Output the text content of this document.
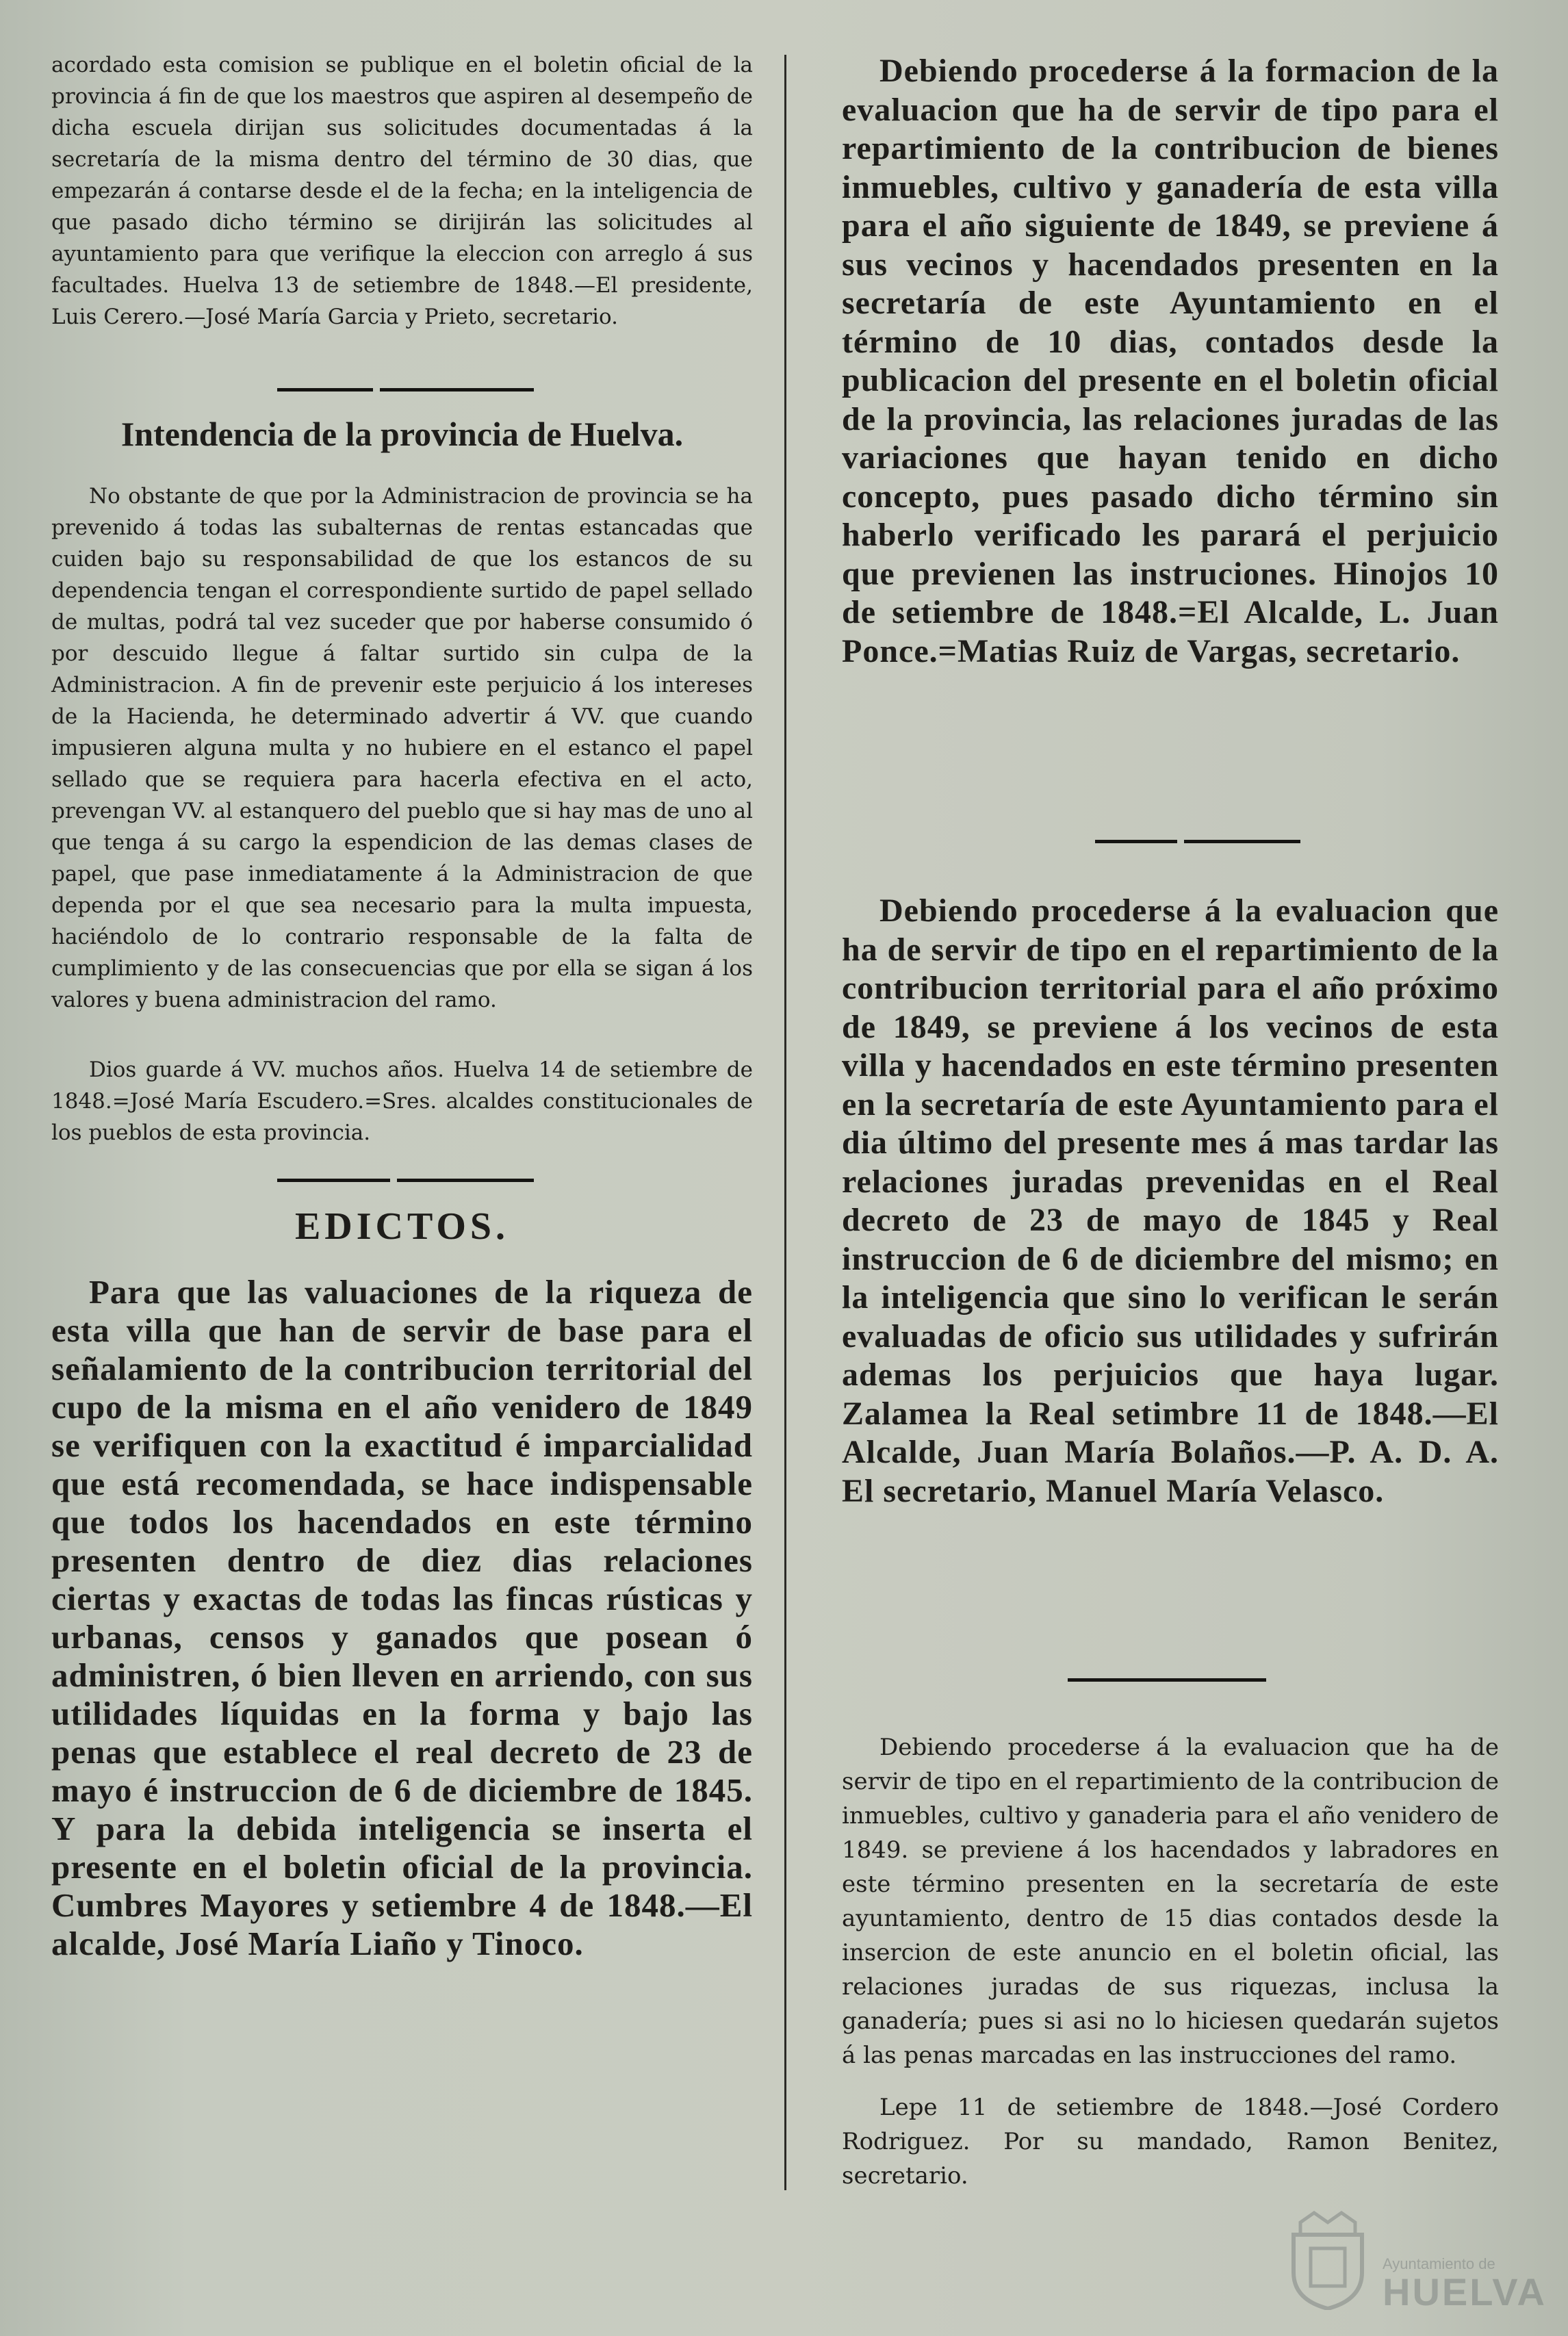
acordado esta comision se publique en el boletin oficial de la provincia á fin de que los maestros que aspiren al desempeño de dicha escuela dirijan sus solicitudes documentadas á la secretaría de la misma dentro del término de 30 dias, que empezarán á contarse desde el de la fecha; en la inteligencia de que pasado dicho término se dirijirán las solicitudes al ayuntamiento para que verifique la eleccion con arreglo á sus facultades. Huelva 13 de setiembre de 1848.—El presidente, Luis Cerero.—José María Garcia y Prieto, secretario.

Intendencia de la provincia de Huelva.

No obstante de que por la Administracion de provincia se ha prevenido á todas las subalternas de rentas estancadas que cuiden bajo su responsabilidad de que los estancos de su dependencia tengan el correspondiente surtido de papel sellado de multas, podrá tal vez suceder que por haberse consumido ó por descuido llegue á faltar surtido sin culpa de la Administracion. A fin de prevenir este perjuicio á los intereses de la Hacienda, he determinado advertir á VV. que cuando impusieren alguna multa y no hubiere en el estanco el papel sellado que se requiera para hacerla efectiva en el acto, prevengan VV. al estanquero del pueblo que si hay mas de uno al que tenga á su cargo la espendicion de las demas clases de papel, que pase inmediatamente á la Administracion de que dependa por el que sea necesario para la multa impuesta, haciéndolo de lo contrario responsable de la falta de cumplimiento y de las consecuencias que por ella se sigan á los valores y buena administracion del ramo.

Dios guarde á VV. muchos años. Huelva 14 de setiembre de 1848.=José María Escudero.=Sres. alcaldes constitucionales de los pueblos de esta provincia.

EDICTOS.

Para que las valuaciones de la riqueza de esta villa que han de servir de base para el señalamiento de la contribucion territorial del cupo de la misma en el año venidero de 1849 se verifiquen con la exactitud é imparcialidad que está recomendada, se hace indispensable que todos los hacendados en este término presenten dentro de diez dias relaciones ciertas y exactas de todas las fincas rústicas y urbanas, censos y ganados que posean ó administren, ó bien lleven en arriendo, con sus utilidades líquidas en la forma y bajo las penas que establece el real decreto de 23 de mayo é instruccion de 6 de diciembre de 1845. Y para la debida inteligencia se inserta el presente en el boletin oficial de la provincia. Cumbres Mayores y setiembre 4 de 1848.—El alcalde, José María Liaño y Tinoco.

Debiendo procederse á la formacion de la evaluacion que ha de servir de tipo para el repartimiento de la contribucion de bienes inmuebles, cultivo y ganadería de esta villa para el año siguiente de 1849, se previene á sus vecinos y hacendados presenten en la secretaría de este Ayuntamiento en el término de 10 dias, contados desde la publicacion del presente en el boletin oficial de la provincia, las relaciones juradas de las variaciones que hayan tenido en dicho concepto, pues pasado dicho término sin haberlo verificado les parará el perjuicio que previenen las instruciones. Hinojos 10 de setiembre de 1848.=El Alcalde, L. Juan Ponce.=Matias Ruiz de Vargas, secretario.

Debiendo procederse á la evaluacion que ha de servir de tipo en el repartimiento de la contribucion territorial para el año próximo de 1849, se previene á los vecinos de esta villa y hacendados en este término presenten en la secretaría de este Ayuntamiento para el dia último del presente mes á mas tardar las relaciones juradas prevenidas en el Real decreto de 23 de mayo de 1845 y Real instruccion de 6 de diciembre del mismo; en la inteligencia que sino lo verifican le serán evaluadas de oficio sus utilidades y sufrirán ademas los perjuicios que haya lugar. Zalamea la Real setimbre 11 de 1848.—El Alcalde, Juan María Bolaños.—P. A. D. A. El secretario, Manuel María Velasco.

Debiendo procederse á la evaluacion que ha de servir de tipo en el repartimiento de la contribucion de inmuebles, cultivo y ganaderia para el año venidero de 1849. se previene á los hacendados y labradores en este término presenten en la secretaría de este ayuntamiento, dentro de 15 dias contados desde la insercion de este anuncio en el boletin oficial, las relaciones juradas de sus riquezas, inclusa la ganadería; pues si asi no lo hiciesen quedarán sujetos á las penas marcadas en las instrucciones del ramo.

Lepe 11 de setiembre de 1848.—José Cordero Rodriguez. Por su mandado, Ramon Benitez, secretario.

Ayuntamiento de
HUELVA
